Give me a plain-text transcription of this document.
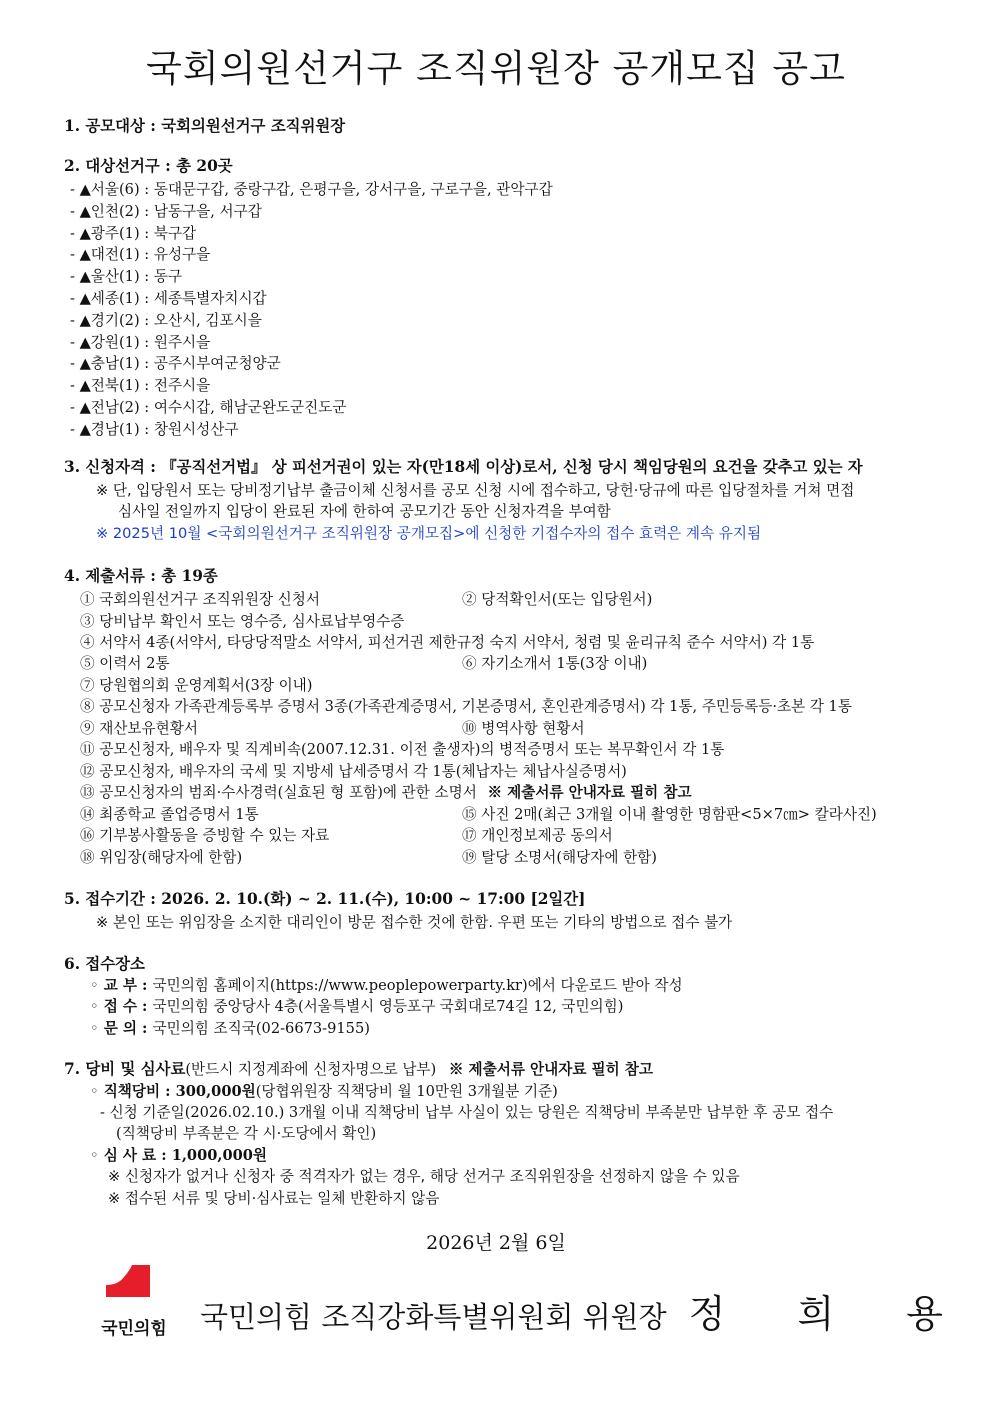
국회의원선거구 조직위원장 공개모집 공고
1. 공모대상 : 국회의원선거구 조직위원장
2. 대상선거구 : 총 20곳
- ▲서울(6) : 동대문구갑, 중랑구갑, 은평구을, 강서구을, 구로구을, 관악구갑
- ▲인천(2) : 남동구을, 서구갑
- ▲광주(1) : 북구갑
- ▲대전(1) : 유성구을
- ▲울산(1) : 동구
- ▲세종(1) : 세종특별자치시갑
- ▲경기(2) : 오산시, 김포시을
- ▲강원(1) : 원주시을
- ▲충남(1) : 공주시부여군청양군
- ▲전북(1) : 전주시을
- ▲전남(2) : 여수시갑, 해남군완도군진도군
- ▲경남(1) : 창원시성산구
3. 신청자격 : 『공직선거법』 상 피선거권이 있는 자(만18세 이상)로서, 신청 당시 책임당원의 요건을 갖추고 있는 자
※ 단, 입당원서 또는 당비정기납부 출금이체 신청서를 공모 신청 시에 접수하고, 당헌·당규에 따른 입당절차를 거쳐 면접
심사일 전일까지 입당이 완료된 자에 한하여 공모기간 동안 신청자격을 부여함
※ 2025년 10월 <국회의원선거구 조직위원장 공개모집>에 신청한 기접수자의 접수 효력은 계속 유지됨
4. 제출서류 : 총 19종
① 국회의원선거구 조직위원장 신청서	② 당적확인서(또는 입당원서)
③ 당비납부 확인서 또는 영수증, 심사료납부영수증
④ 서약서 4종(서약서, 타당당적말소 서약서, 피선거권 제한규정 숙지 서약서, 청렴 및 윤리규칙 준수 서약서) 각 1통
⑤ 이력서 2통	⑥ 자기소개서 1통(3장 이내)
⑦ 당원협의회 운영계획서(3장 이내)
⑧ 공모신청자 가족관계등록부 증명서 3종(가족관계증명서, 기본증명서, 혼인관계증명서) 각 1통, 주민등록등·초본 각 1통
⑨ 재산보유현황서	⑩ 병역사항 현황서
⑪ 공모신청자, 배우자 및 직계비속(2007.12.31. 이전 출생자)의 병적증명서 또는 복무확인서 각 1통
⑫ 공모신청자, 배우자의 국세 및 지방세 납세증명서 각 1통(체납자는 체납사실증명서)
⑬ 공모신청자의 범죄·수사경력(실효된 형 포함)에 관한 소명서 ※ 제출서류 안내자료 필히 참고
⑭ 최종학교 졸업증명서 1통	⑮ 사진 2매(최근 3개월 이내 촬영한 명함판<5×7㎝> 칼라사진)
⑯ 기부봉사활동을 증빙할 수 있는 자료	⑰ 개인정보제공 동의서
⑱ 위임장(해당자에 한함)	⑲ 탈당 소명서(해당자에 한함)
5. 접수기간 : 2026. 2. 10.(화) ~ 2. 11.(수), 10:00 ~ 17:00 [2일간]
※ 본인 또는 위임장을 소지한 대리인이 방문 접수한 것에 한함. 우편 또는 기타의 방법으로 접수 불가
6. 접수장소
◦ 교 부 : 국민의힘 홈페이지(https://www.peoplepowerparty.kr)에서 다운로드 받아 작성
◦ 접 수 : 국민의힘 중앙당사 4층(서울특별시 영등포구 국회대로74길 12, 국민의힘)
◦ 문 의 : 국민의힘 조직국(02-6673-9155)
7. 당비 및 심사료(반드시 지정계좌에 신청자명으로 납부) ※ 제출서류 안내자료 필히 참고
◦ 직책당비 : 300,000원(당협위원장 직책당비 월 10만원 3개월분 기준)
- 신청 기준일(2026.02.10.) 3개월 이내 직책당비 납부 사실이 있는 당원은 직책당비 부족분만 납부한 후 공모 접수
(직책당비 부족분은 각 시·도당에서 확인)
◦ 심 사 료 : 1,000,000원
※ 신청자가 없거나 신청자 중 적격자가 없는 경우, 해당 선거구 조직위원장을 선정하지 않을 수 있음
※ 접수된 서류 및 당비·심사료는 일체 반환하지 않음
2026년 2월 6일
국민의힘	국민의힘 조직강화특별위원회 위원장 정 희 용
